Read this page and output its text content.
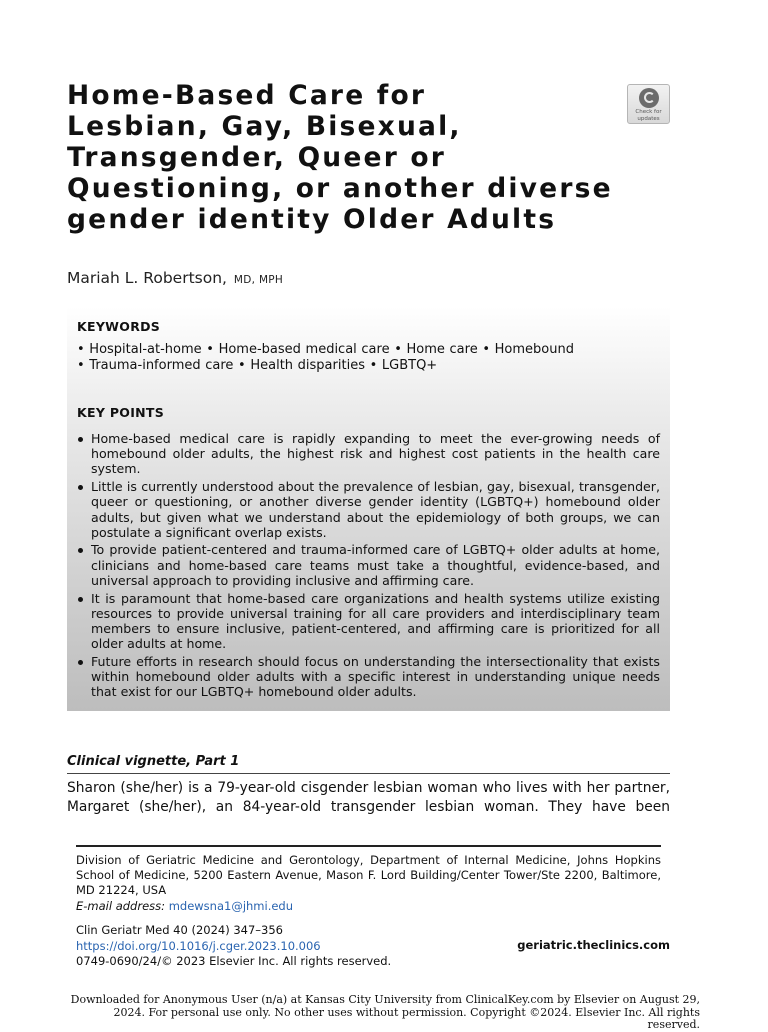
Home-Based Care for
Lesbian, Gay, Bisexual,
Transgender, Queer or
Questioning, or another diverse
gender identity Older Adults
Check for
updates
Mariah L. Robertson, MD, MPH
KEYWORDS
• Hospital-at-home • Home-based medical care • Home care • Homebound
• Trauma-informed care • Health disparities • LGBTQ+
KEY POINTS
Home-based medical care is rapidly expanding to meet the ever-growing needs of homebound older adults, the highest risk and highest cost patients in the health care system.
Little is currently understood about the prevalence of lesbian, gay, bisexual, transgender, queer or questioning, or another diverse gender identity (LGBTQ+) homebound older adults, but given what we understand about the epidemiology of both groups, we can postulate a significant overlap exists.
To provide patient-centered and trauma-informed care of LGBTQ+ older adults at home, clinicians and home-based care teams must take a thoughtful, evidence-based, and universal approach to providing inclusive and affirming care.
It is paramount that home-based care organizations and health systems utilize existing resources to provide universal training for all care providers and interdisciplinary team members to ensure inclusive, patient-centered, and affirming care is prioritized for all older adults at home.
Future efforts in research should focus on understanding the intersectionality that exists within homebound older adults with a specific interest in understanding unique needs that exist for our LGBTQ+ homebound older adults.
Clinical vignette, Part 1

Sharon (she/her) is a 79-year-old cisgender lesbian woman who lives with her partner, Margaret (she/her), an 84-year-old transgender lesbian woman. They have been

Division of Geriatric Medicine and Gerontology, Department of Internal Medicine, Johns Hopkins School of Medicine, 5200 Eastern Avenue, Mason F. Lord Building/Center Tower/Ste 2200, Baltimore, MD 21224, USA

E-mail address: mdewsna1@jhmi.edu
Clin Geriatr Med 40 (2024) 347–356
https://doi.org/10.1016/j.cger.2023.10.006
0749-0690/24/© 2023 Elsevier Inc. All rights reserved.
geriatric.theclinics.com
Downloaded for Anonymous User (n/a) at Kansas City University from ClinicalKey.com by Elsevier on August 29,
2024. For personal use only. No other uses without permission. Copyright ©2024. Elsevier Inc. All rights reserved.
